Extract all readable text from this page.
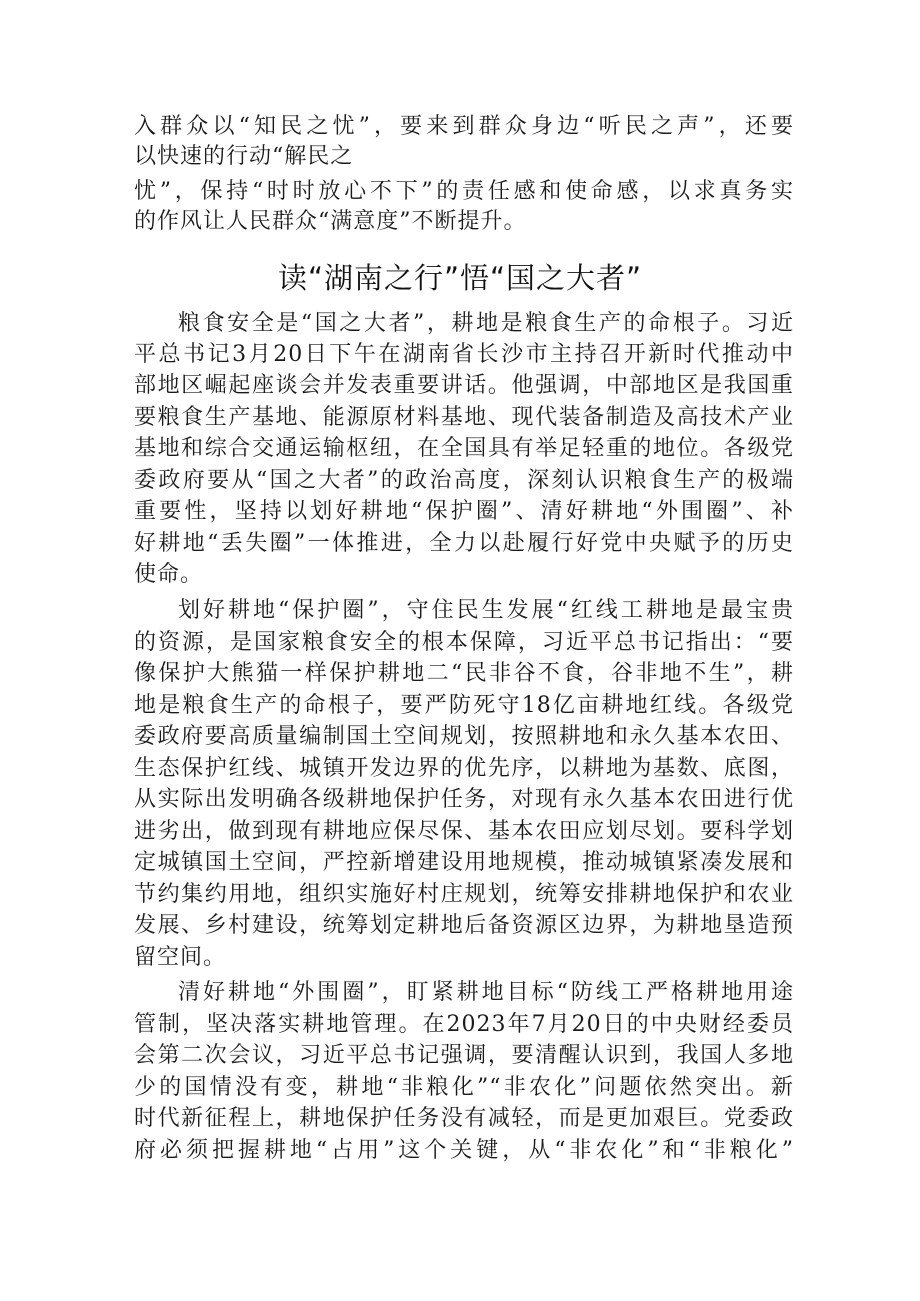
入群众以“知民之忧”，要来到群众身边“听民之声”，还要
以快速的行动“解民之
忧”，保持“时时放心不下”的责任感和使命感，以求真务实
的作风让人民群众“满意度”不断提升。
读“湖南之行”悟“国之大者”
粮食安全是“国之大者”，耕地是粮食生产的命根子。习近
平总书记3月20日下午在湖南省长沙市主持召开新时代推动中
部地区崛起座谈会并发表重要讲话。他强调，中部地区是我国重
要粮食生产基地、能源原材料基地、现代装备制造及高技术产业
基地和综合交通运输枢纽，在全国具有举足轻重的地位。各级党
委政府要从“国之大者”的政治高度，深刻认识粮食生产的极端
重要性，坚持以划好耕地“保护圈”、清好耕地“外围圈”、补
好耕地“丢失圈”一体推进，全力以赴履行好党中央赋予的历史
使命。
划好耕地“保护圈”，守住民生发展“红线工耕地是最宝贵
的资源，是国家粮食安全的根本保障，习近平总书记指出：“要
像保护大熊猫一样保护耕地二“民非谷不食，谷非地不生”，耕
地是粮食生产的命根子，要严防死守18亿亩耕地红线。各级党
委政府要高质量编制国土空间规划，按照耕地和永久基本农田、
生态保护红线、城镇开发边界的优先序，以耕地为基数、底图，
从实际出发明确各级耕地保护任务，对现有永久基本农田进行优
进劣出，做到现有耕地应保尽保、基本农田应划尽划。要科学划
定城镇国土空间，严控新增建设用地规模，推动城镇紧凑发展和
节约集约用地，组织实施好村庄规划，统筹安排耕地保护和农业
发展、乡村建设，统筹划定耕地后备资源区边界，为耕地垦造预
留空间。
清好耕地“外围圈”，盯紧耕地目标“防线工严格耕地用途
管制，坚决落实耕地管理。在2023年7月20日的中央财经委员
会第二次会议，习近平总书记强调，要清醒认识到，我国人多地
少的国情没有变，耕地“非粮化”“非农化”问题依然突出。新
时代新征程上，耕地保护任务没有减轻，而是更加艰巨。党委政
府必须把握耕地“占用”这个关键，从“非农化”和“非粮化”
